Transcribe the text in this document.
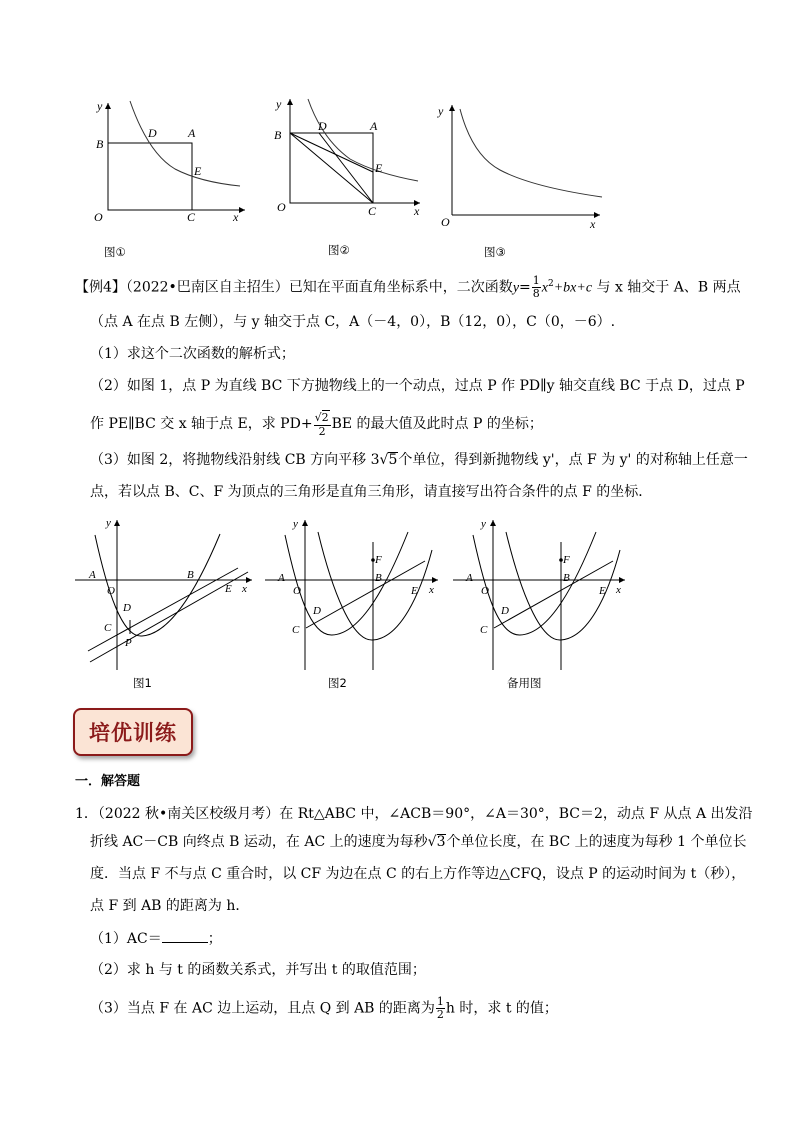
y
x
O
B
D	A
E
C
y
x
O
B
D	A
E
C
y
x
O
图①	图②	图③
【例4】（2022•巴南区自主招生）已知在平面直角坐标系中，二次函数$y= \frac{1}{8} x^2+bx+c$ 与 x 轴交于 A、B 两点
（点 A 在点 B 左侧），与 y 轴交于点 C，A（－4，0），B（12，0），C（0，－6）.
（1）求这个二次函数的解析式；
（2）如图 1，点 P 为直线 BC 下方抛物线上的一个动点，过点 P 作 PD∥y 轴交直线 BC 于点 D，过点 P
作 PE∥BC 交 x 轴于点 E，求 $PD+ \frac{√2}{2}$ BE 的最大值及此时点 P 的坐标；
（3）如图 2，将抛物线沿射线 CB 方向平移 3√5个单位，得到新抛物线 y'，点 F 为 y' 的对称轴上任意一
点，若以点 B、C、F 为顶点的三角形是直角三角形，请直接写出符合条件的点 F 的坐标．
y
x
O
A	B
E
D
C
P
y
x
O
A	B
E
D
C
F
y
x
O
A	B
E
D
C
F
图1	图2	备用图
培优训练
一．解答题
1．（2022 秋•南关区校级月考）在 Rt△ABC 中，∠ACB＝90°，∠A＝30°，BC＝2，动点 F 从点 A 出发沿
折线 AC－CB 向终点 B 运动，在 AC 上的速度为每秒√3个单位长度，在 BC 上的速度为每秒 1 个单位长
度．当点 F 不与点 C 重合时，以 CF 为边在点 C 的右上方作等边△CFQ，设点 P 的运动时间为 t（秒），
点 F 到 AB 的距离为 h．
（1）AC＝	；
（2）求 h 与 t 的函数关系式，并写出 t 的取值范围；
（3）当点 F 在 AC 边上运动，且点 Q 到 AB 的距离为 $\frac{1}{2}$ h 时，求 t 的值；
